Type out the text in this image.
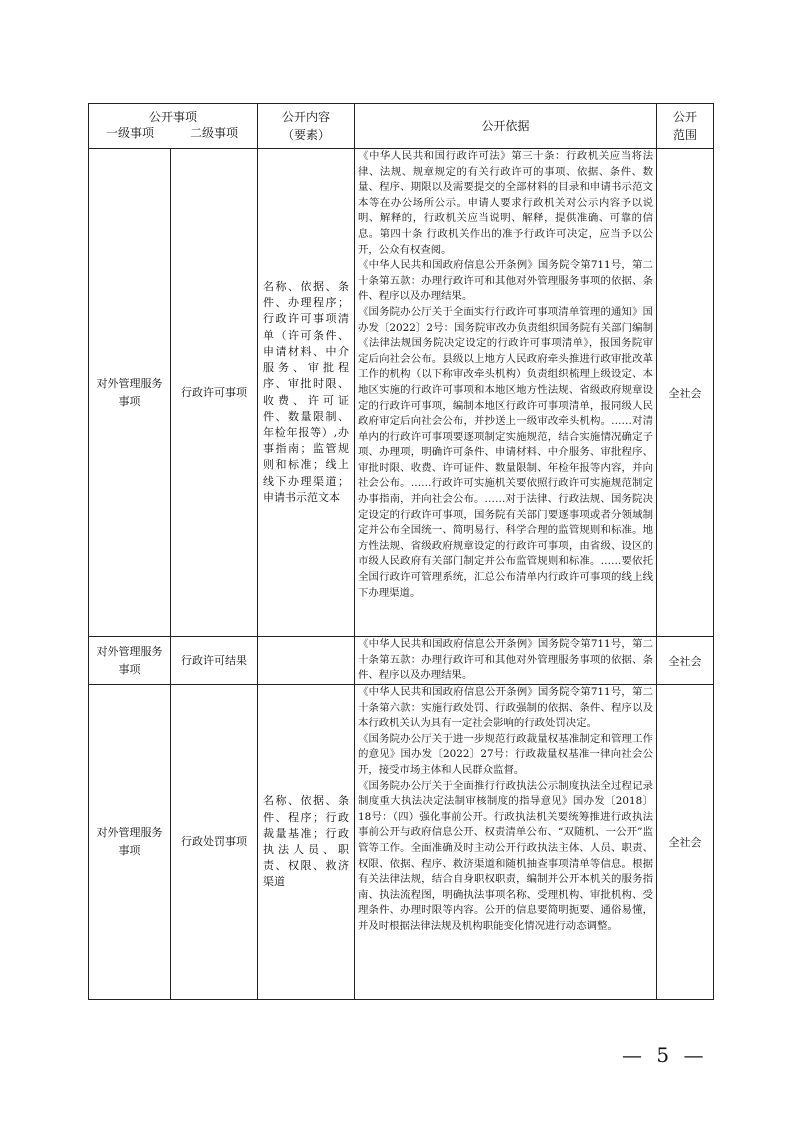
公开事项
一级事项 二级事项		公开内容（要素）	公开依据	公开范围
对外管理服务事项	行政许可事项	名称、依据、条件、办理程序；行政许可事项清单（许可条件、申请材料、中介服务、审批程序、审批时限、收费、许可证件、数量限制、年检年报等）,办事指南；监管规则和标准；线上线下办理渠道；申请书示范文本	《中华人民共和国行政许可法》第三十条：行政机关应当将法律、法规、规章规定的有关行政许可的事项、依据、条件、数量、程序、期限以及需要提交的全部材料的目录和申请书示范文本等在办公场所公示。申请人要求行政机关对公示内容予以说明、解释的，行政机关应当说明、解释，提供准确、可靠的信息。第四十条 行政机关作出的准予行政许可决定，应当予以公开，公众有权查阅。

《中华人民共和国政府信息公开条例》国务院令第711号，第二十条第五款：办理行政许可和其他对外管理服务事项的依据、条件、程序以及办理结果。

《国务院办公厅关于全面实行行政许可事项清单管理的通知》国办发〔2022〕2号：国务院审改办负责组织国务院有关部门编制《法律法规国务院决定设定的行政许可事项清单》，报国务院审定后向社会公布。县级以上地方人民政府牵头推进行政审批改革工作的机构（以下称审改牵头机构）负责组织梳理上级设定、本地区实施的行政许可事项和本地区地方性法规、省级政府规章设定的行政许可事项，编制本地区行政许可事项清单，报同级人民政府审定后向社会公布，并抄送上一级审改牵头机构。……对清单内的行政许可事项要逐项制定实施规范，结合实施情况确定子项、办理项，明确许可条件、申请材料、中介服务、审批程序、审批时限、收费、许可证件、数量限制、年检年报等内容，并向社会公布。……行政许可实施机关要依照行政许可实施规范制定办事指南，并向社会公布。……对于法律、行政法规、国务院决定设定的行政许可事项，国务院有关部门要逐事项或者分领域制定并公布全国统一、简明易行、科学合理的监管规则和标准。地方性法规、省级政府规章设定的行政许可事项，由省级、设区的市级人民政府有关部门制定并公布监管规则和标准。……要依托全国行政许可管理系统，汇总公布清单内行政许可事项的线上线下办理渠道。	全社会
对外管理服务事项	行政许可结果		《中华人民共和国政府信息公开条例》国务院令第711号，第二十条第五款：办理行政许可和其他对外管理服务事项的依据、条件、程序以及办理结果。	全社会
对外管理服务事项	行政处罚事项	名称、依据、条件、程序；行政裁量基准；行政执法人员、职责、权限、救济渠道	《中华人民共和国政府信息公开条例》国务院令第711号，第二十条第六款：实施行政处罚、行政强制的依据、条件、程序以及本行政机关认为具有一定社会影响的行政处罚决定。

《国务院办公厅关于进一步规范行政裁量权基准制定和管理工作的意见》国办发〔2022〕27号：行政裁量权基准一律向社会公开，接受市场主体和人民群众监督。

《国务院办公厅关于全面推行行政执法公示制度执法全过程记录制度重大执法决定法制审核制度的指导意见》国办发〔2018〕18号：（四）强化事前公开。行政执法机关要统筹推进行政执法事前公开与政府信息公开、权责清单公布、“双随机、一公开”监管等工作。全面准确及时主动公开行政执法主体、人员、职责、权限、依据、程序、救济渠道和随机抽查事项清单等信息。根据有关法律法规，结合自身职权职责，编制并公开本机关的服务指南、执法流程图，明确执法事项名称、受理机构、审批机构、受理条件、办理时限等内容。公开的信息要简明扼要、通俗易懂，并及时根据法律法规及机构职能变化情况进行动态调整。	全社会
— 5 —
